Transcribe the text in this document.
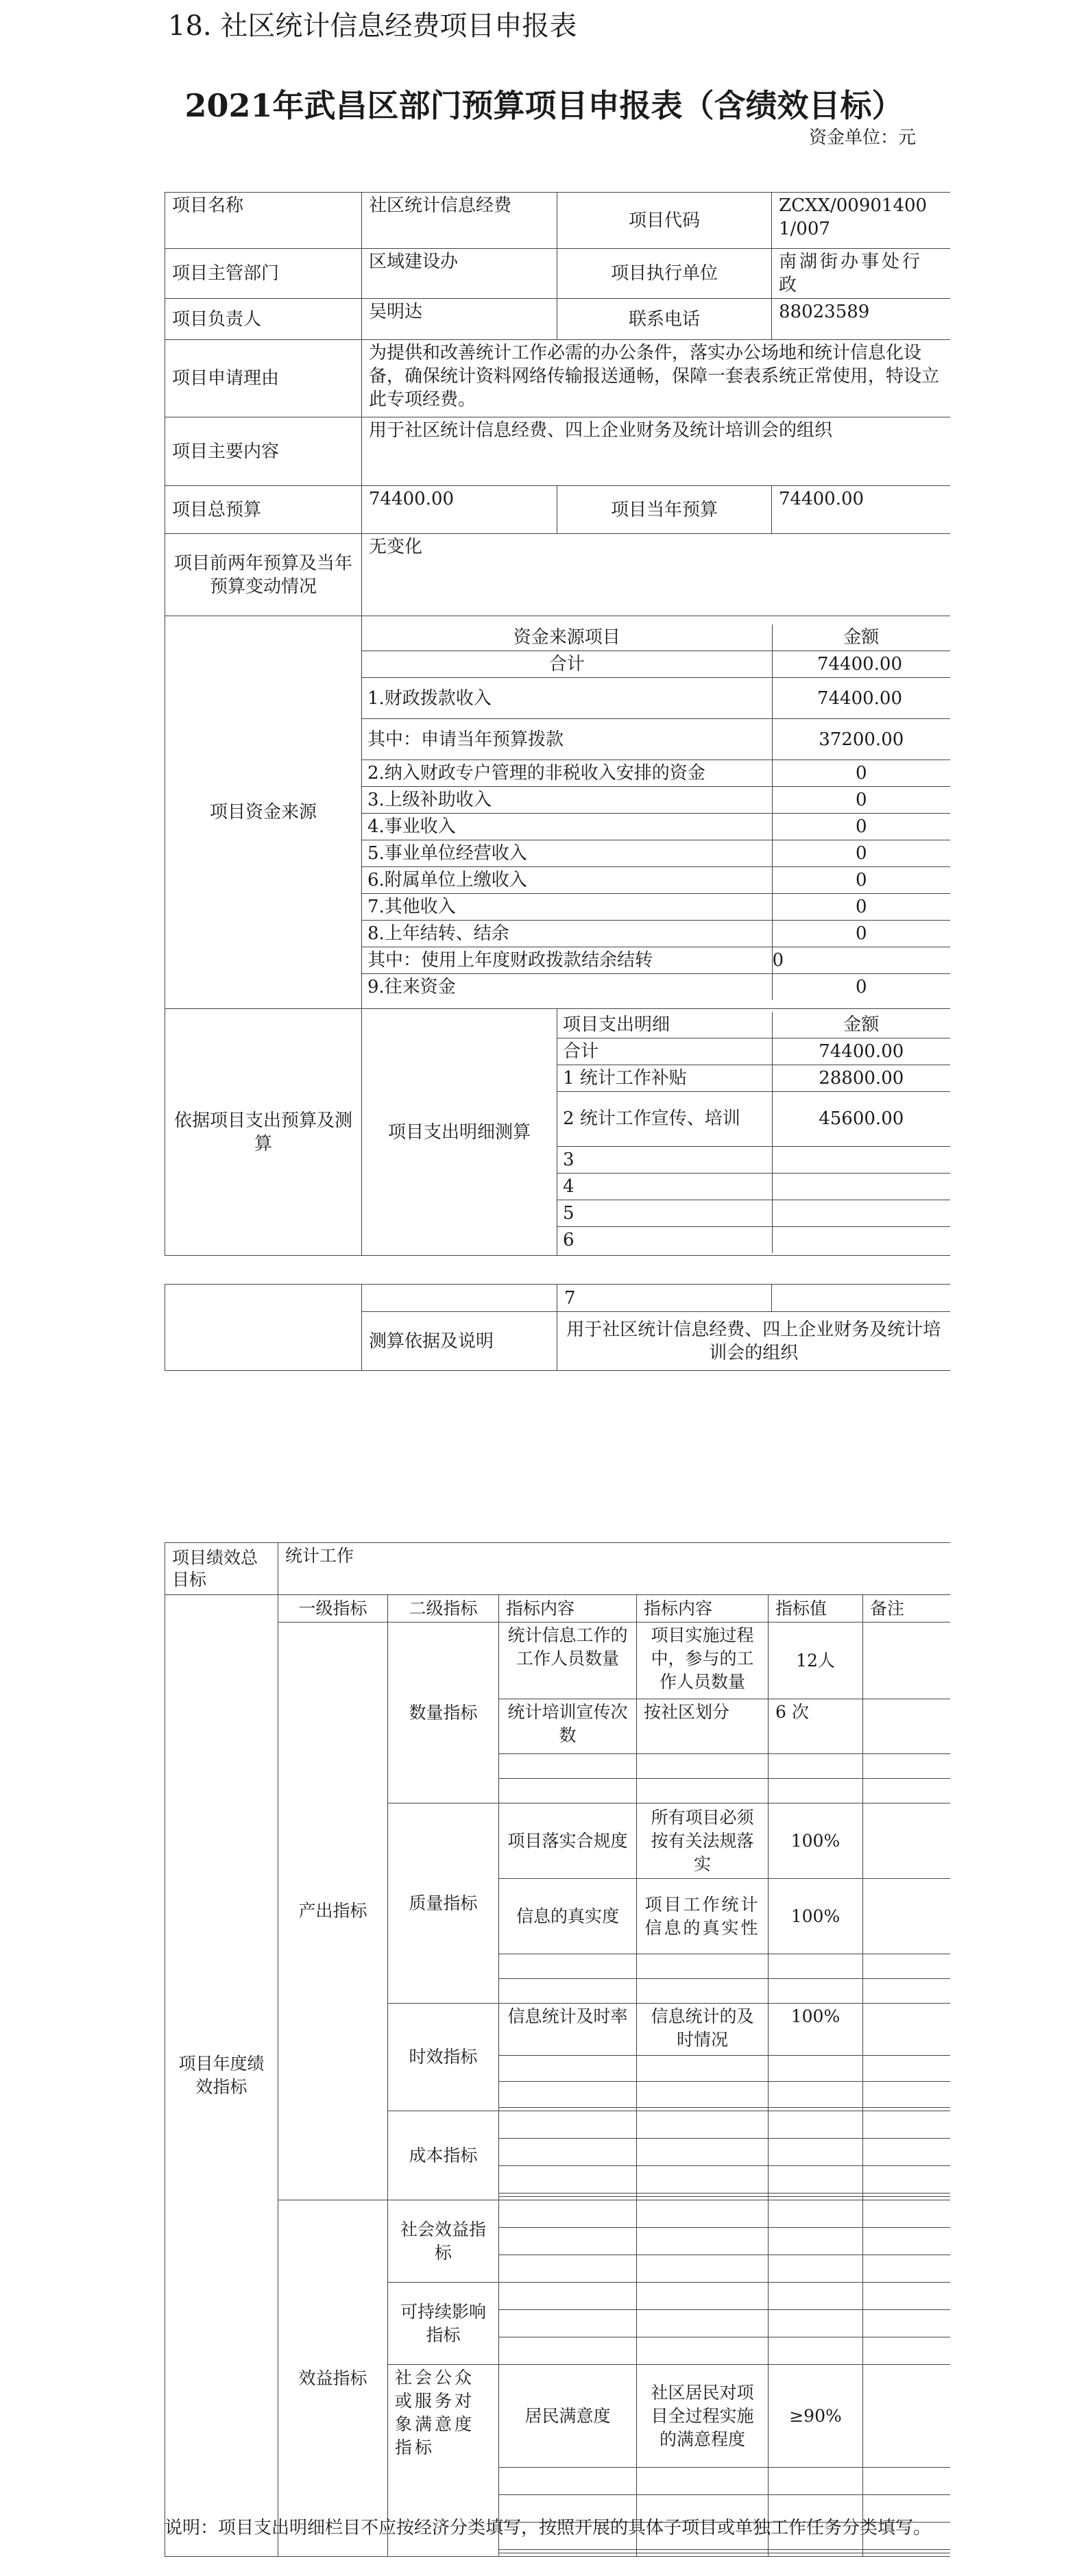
18. 社区统计信息经费项目申报表
2021年武昌区部门预算项目申报表（含绩效目标）
资金单位：元
项目名称	社区统计信息经费	项目代码	ZCXX/009014001/007
项目主管部门	区域建设办	项目执行单位	南湖街办事处行政
项目负责人	吴明达	联系电话	88023589
项目申请理由	为提供和改善统计工作必需的办公条件，落实办公场地和统计信息化设备，确保统计资料网络传输报送通畅，保障一套表系统正常使用，特设立此专项经费。
项目主要内容	用于社区统计信息经费、四上企业财务及统计培训会的组织
项目总预算	74400.00	项目当年预算	74400.00
项目前两年预算及当年预算变动情况	无变化
项目资金来源	
资金来源项目	金额
合计	74400.00
1.财政拨款收入	74400.00
其中：申请当年预算拨款	37200.00
2.纳入财政专户管理的非税收入安排的资金	0
3.上级补助收入	0
4.事业收入	0
5.事业单位经营收入	0
6.附属单位上缴收入	0
7.其他收入	0
8.上年结转、结余	0
其中：使用上年度财政拨款结余结转	0
9.往来资金	0

依据项目支出预算及测算	项目支出明细测算	
项目支出明细	金额
合计	74400.00
1 统计工作补贴	28800.00
2 统计工作宣传、培训	45600.00
3	
4	
5	
6	
		7	
	测算依据及说明	用于社区统计信息经费、四上企业财务及统计培训会的组织	
项目绩效总目标	统计工作					
项目年度绩效指标	一级指标	二级指标	指标内容	指标内容	指标值	备注
	产出指标	数量指标	统计信息工作的工作人员数量	项目实施过程中，参与的工作人员数量	12人	
			统计培训宣传次数	按社区划分	6 次	

		质量指标	项目落实合规度	所有项目必须按有关法规落实	100%	
			信息的真实度	项目工作统计信息的真实性	100%	

		时效指标	信息统计及时率	信息统计的及时情况	100%	

		成本指标				

	效益指标	社会效益指标				

		可持续影响指标				

		社会公众或服务对象满意度指标	居民满意度	社区居民对项目全过程实施的满意程度	≥90%	

说明：项目支出明细栏目不应按经济分类填写，按照开展的具体子项目或单独工作任务分类填写。
